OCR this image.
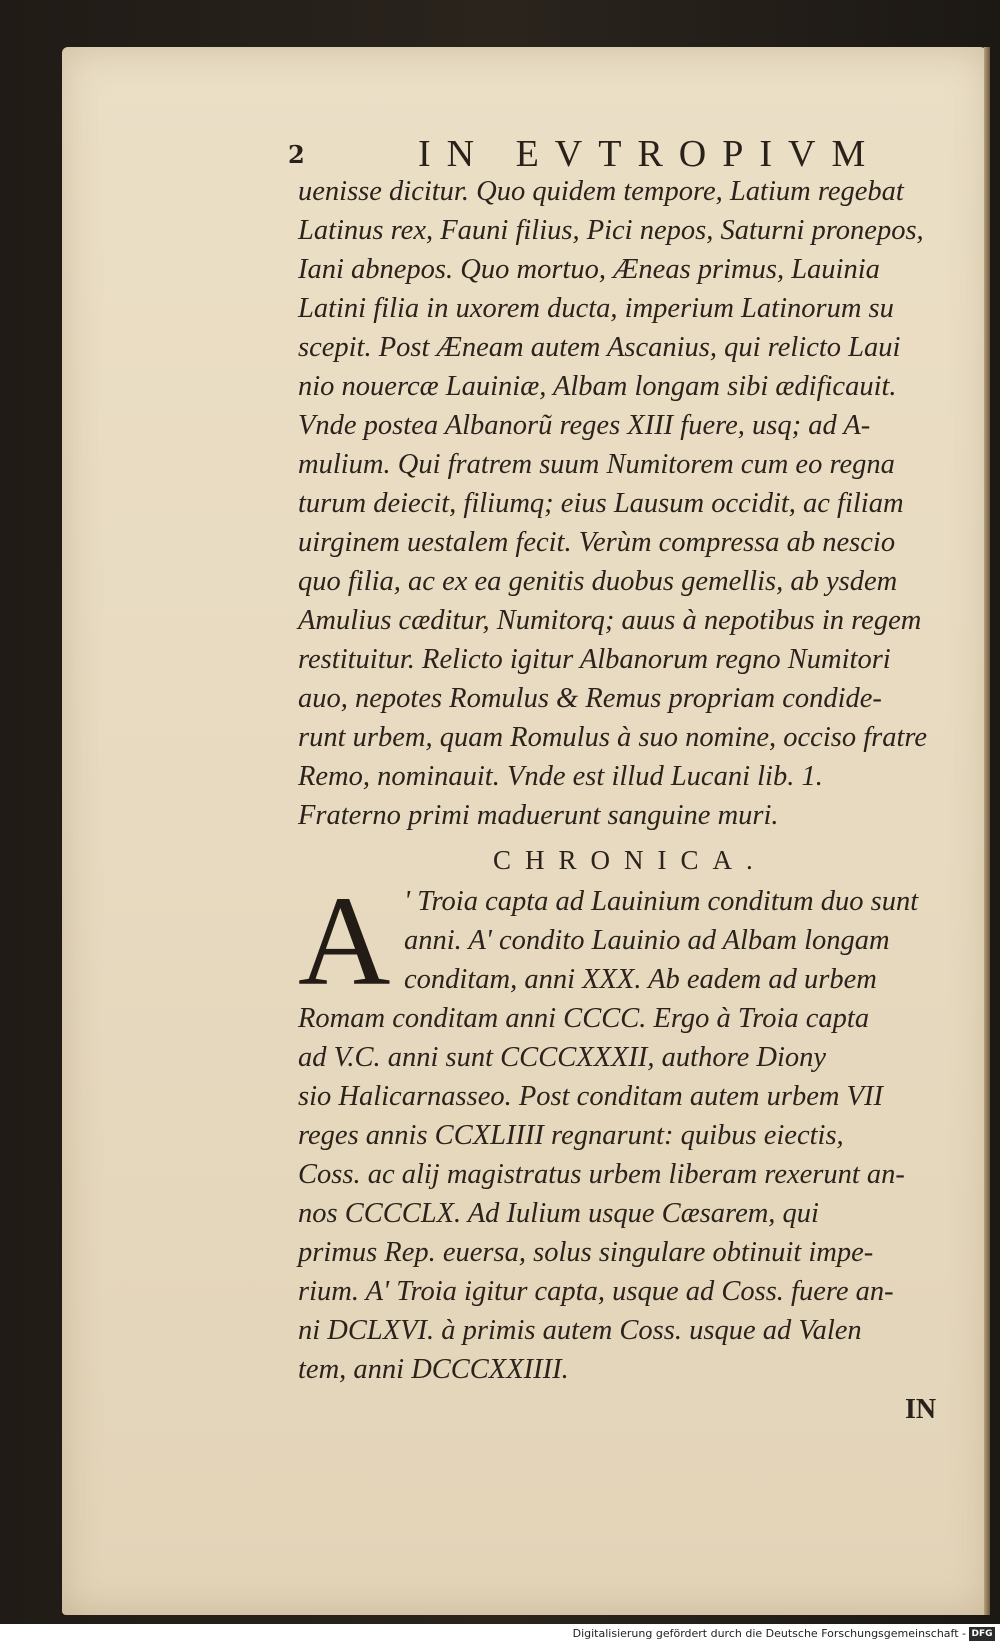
2	IN EVTROPIVM
uenisse dicitur. Quo quidem tempore, Latium regebat
Latinus rex, Fauni filius, Pici nepos, Saturni pronepos,
Iani abnepos. Quo mortuo, Æneas primus, Lauinia
Latini filia in uxorem ducta, imperium Latinorum su
scepit. Post Æneam autem Ascanius, qui relicto Laui
nio nouercæ Lauiniæ, Albam longam sibi ædificauit.
Vnde postea Albanorũ reges XIII fuere, usq; ad A-
mulium. Qui fratrem suum Numitorem cum eo regna
turum deiecit, filiumq; eius Lausum occidit, ac filiam
uirginem uestalem fecit. Verùm compressa ab nescio
quo filia, ac ex ea genitis duobus gemellis, ab ysdem
Amulius cæditur, Numitorq; auus à nepotibus in regem
restituitur. Relicto igitur Albanorum regno Numitori
auo, nepotes Romulus & Remus propriam condide-
runt urbem, quam Romulus à suo nomine, occiso fratre
Remo, nominauit. Vnde est illud Lucani lib. 1.
Fraterno primi maduerunt sanguine muri.
CHRONICA.
A ' Troia capta ad Lauinium conditum duo sunt
anni. A' condito Lauinio ad Albam longam
conditam, anni XXX. Ab eadem ad urbem
Romam conditam anni CCCC. Ergo à Troia capta
ad V.C. anni sunt CCCCXXXII, authore Diony
sio Halicarnasseo. Post conditam autem urbem VII
reges annis CCXLIIII regnarunt: quibus eiectis,
Coss. ac alij magistratus urbem liberam rexerunt an-
nos CCCCLX. Ad Iulium usque Cæsarem, qui
primus Rep. euersa, solus singulare obtinuit impe-
rium. A' Troia igitur capta, usque ad Coss. fuere an-
ni DCLXVI. à primis autem Coss. usque ad Valen
tem, anni DCCCXXIIII.
IN
Digitalisierung gefördert durch die Deutsche Forschungsgemeinschaft - DFG
